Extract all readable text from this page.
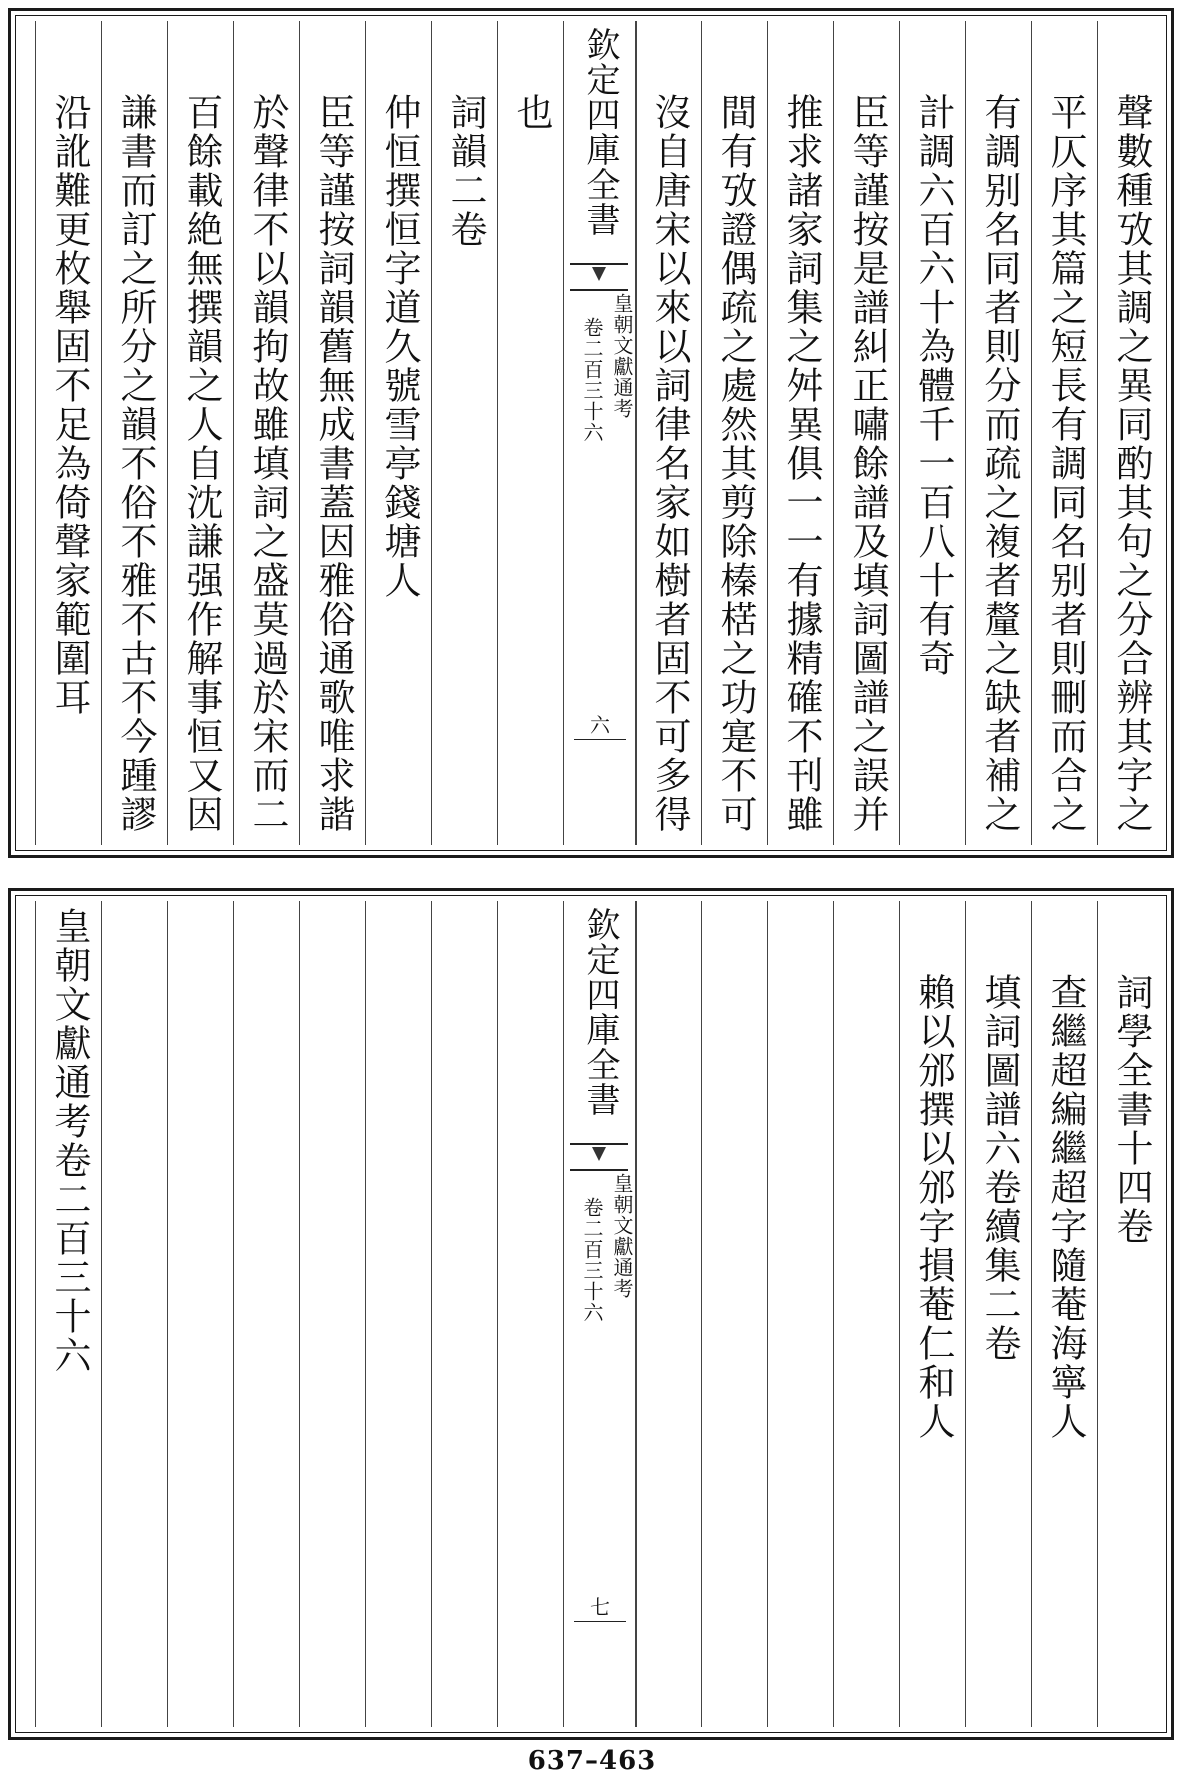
聲數種攷其調之異同酌其句之分合辨其字之
平仄序其篇之短長有調同名别者則刪而合之
有調别名同者則分而疏之複者釐之缺者補之
計調六百六十為體千一百八十有奇
臣等謹按是譜糾正嘯餘譜及填詞圖譜之誤并
推求諸家詞集之舛異俱一一有據精確不刊雖
間有攷證偶疏之處然其剪除榛楛之功寔不可
沒自唐宋以來以詞律名家如樹者固不可多得
欽定四庫全書
皇朝文獻通考
卷二百三十六
六
也
詞韻二卷
仲恒撰恒字道久號雪亭錢塘人
臣等謹按詞韻舊無成書蓋因雅俗通歌唯求諧
於聲律不以韻拘故雖填詞之盛莫過於宋而二
百餘載絶無撰韻之人自沈謙强作解事恒又因
謙書而訂之所分之韻不俗不雅不古不今踵謬
沿訛難更枚舉固不足為倚聲家範圍耳
詞學全書十四卷
查繼超編繼超字隨菴海寧人
填詞圖譜六卷續集二卷
賴以邠撰以邠字損菴仁和人
欽定四庫全書
皇朝文獻通考
卷二百三十六
七
皇朝文獻通考卷二百三十六
637–463
